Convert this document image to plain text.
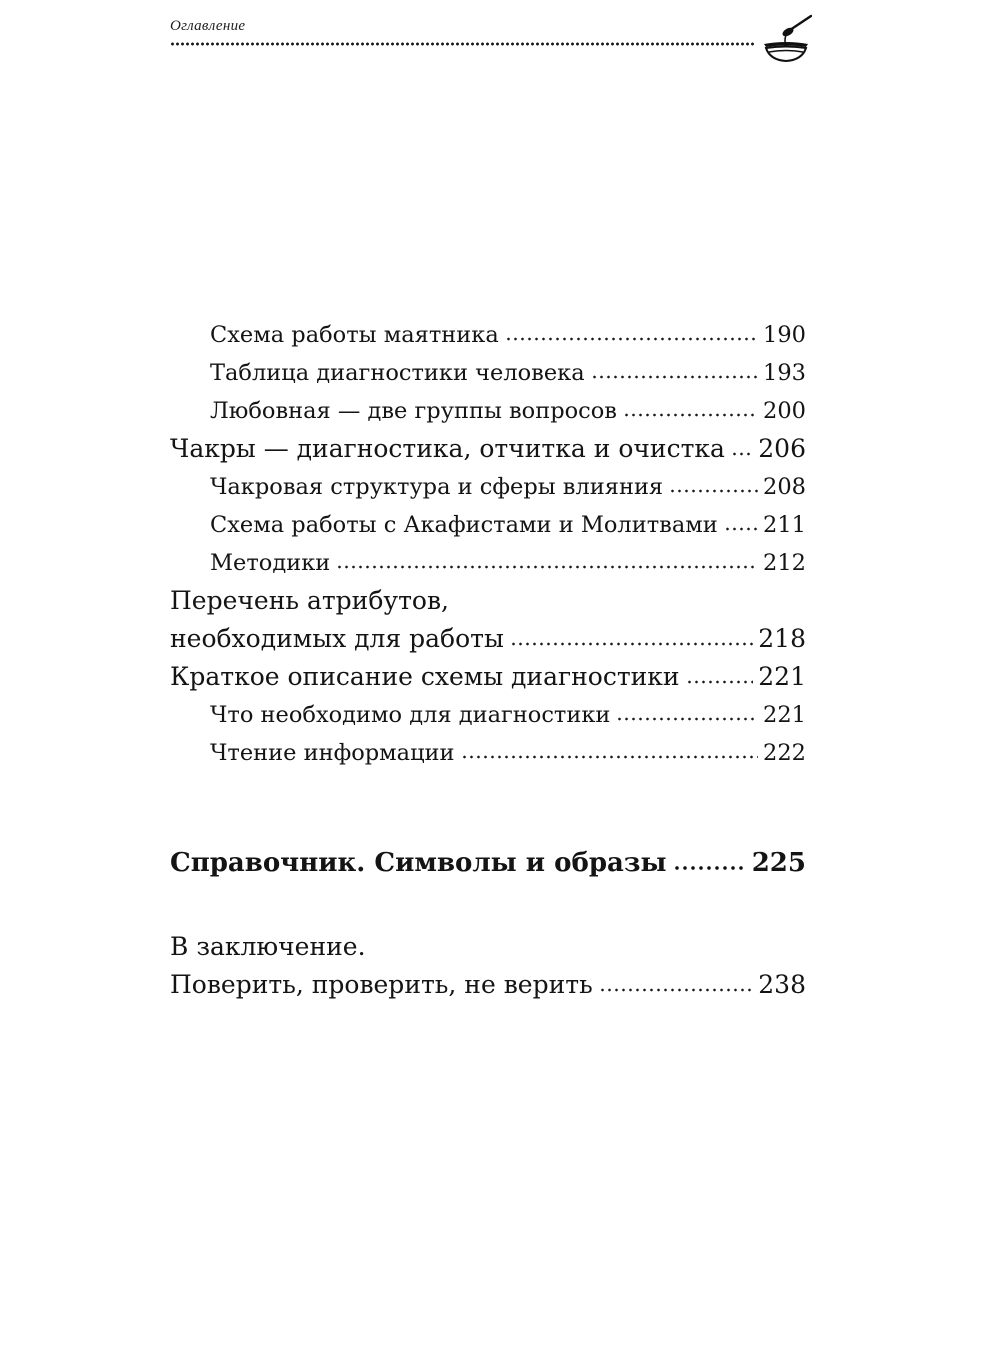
Оглавление
Схема работы маятника	190
Таблица диагностики человека	193
Любовная — две группы вопросов	200
Чакры — диагностика, отчитка и очистка 206
Чакровая структура и сферы влияния	208
Схема работы с Акафистами и Молитвами 211
Методики	212
Перечень атрибутов,
необходимых для работы	218
Краткое описание схемы диагностики	221
Что необходимо для диагностики	221
Чтение информации	222
Справочник. Символы и образы	225
В заключение.
Поверить, проверить, не верить	238
